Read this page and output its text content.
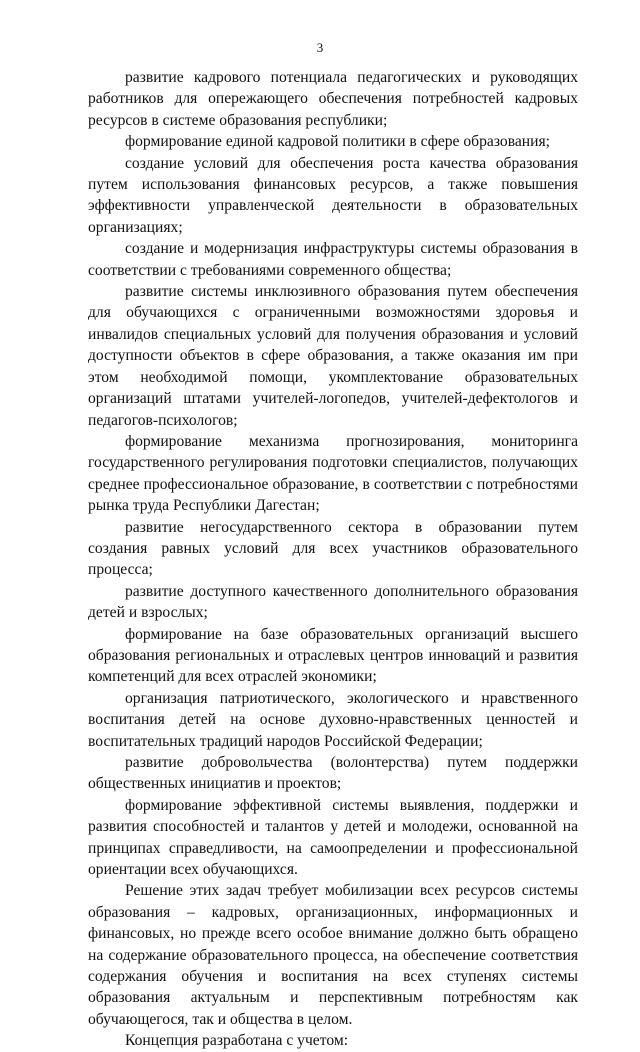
3

развитие кадрового потенциала педагогических и руководящих работников для опережающего обеспечения потребностей кадровых ресурсов в системе образования республики;

формирование единой кадровой политики в сфере образования;

создание условий для обеспечения роста качества образования путем использования финансовых ресурсов, а также повышения эффективности управленческой деятельности в образовательных организациях;

создание и модернизация инфраструктуры системы образования в соответствии с требованиями современного общества;

развитие системы инклюзивного образования путем обеспечения для обучающихся с ограниченными возможностями здоровья и инвалидов специальных условий для получения образования и условий доступности объектов в сфере образования, а также оказания им при этом необходимой помощи, укомплектование образовательных организаций штатами учителей-логопедов, учителей-дефектологов и педагогов-психологов;

формирование механизма прогнозирования, мониторинга государственного регулирования подготовки специалистов, получающих среднее профессиональное образование, в соответствии с потребностями рынка труда Республики Дагестан;

развитие негосударственного сектора в образовании путем создания равных условий для всех участников образовательного процесса;

развитие доступного качественного дополнительного образования детей и взрослых;

формирование на базе образовательных организаций высшего образования региональных и отраслевых центров инноваций и развития компетенций для всех отраслей экономики;

организация патриотического, экологического и нравственного воспитания детей на основе духовно-нравственных ценностей и воспитательных традиций народов Российской Федерации;

развитие добровольчества (волонтерства) путем поддержки общественных инициатив и проектов;

формирование эффективной системы выявления, поддержки и развития способностей и талантов у детей и молодежи, основанной на принципах справедливости, на самоопределении и профессиональной ориентации всех обучающихся.

Решение этих задач требует мобилизации всех ресурсов системы образования – кадровых, организационных, информационных и финансовых, но прежде всего особое внимание должно быть обращено на содержание образовательного процесса, на обеспечение соответствия содержания обучения и воспитания на всех ступенях системы образования актуальным и перспективным потребностям как обучающегося, так и общества в целом.

Концепция разработана с учетом:
